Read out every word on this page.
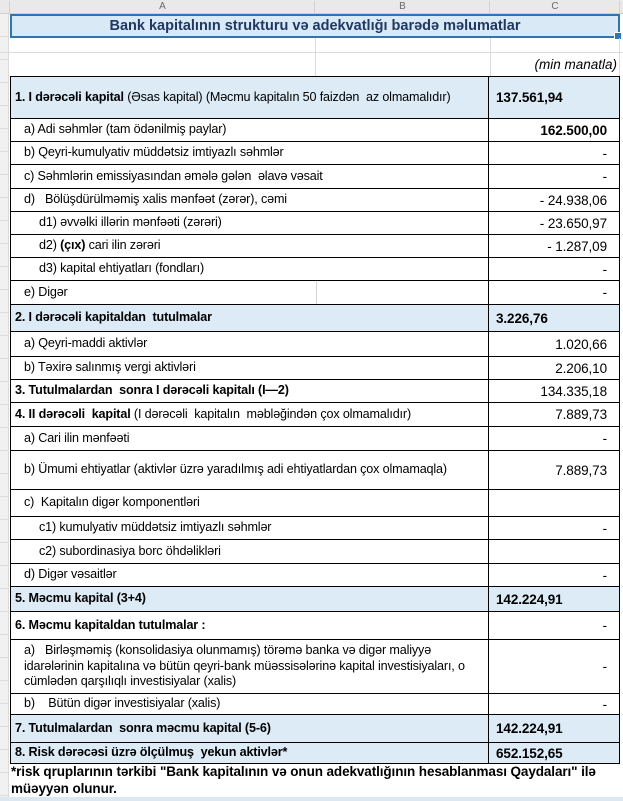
A	B	C
Bank kapitalının strukturu və adekvatlığı barədə məlumatlar
(min manatla)
1. I dərəcəli kapital (Əsas kapital) (Məcmu kapitalın 50 faizdən  az olmamalıdır)	137.561,94
a) Adi səhmlər (tam ödənilmiş paylar)	162.500,00
b) Qeyri-kumulyativ müddətsiz imtiyazlı səhmlər	-
c) Səhmlərin emissiyasından əmələ gələn  əlavə vəsait	-
d)   Bölüşdürülməmiş xalis mənfəət (zərər), cəmi	- 24.938,06
d1) əvvəlki illərin mənfəəti (zərəri)	- 23.650,97
d2) (çıx) cari ilin zərəri	- 1.287,09
d3) kapital ehtiyatları (fondları)	-
e) Digər	-
2. I dərəcəli kapitaldan  tutulmalar	3.226,76
a) Qeyri-maddi aktivlər	1.020,66
b) Təxirə salınmış vergi aktivləri	2.206,10
3. Tutulmalardan  sonra I dərəcəli kapitalı (I—2)	134.335,18
4. II dərəcəli  kapital (I dərəcəli  kapitalın  məbləğindən çox olmamalıdır)	7.889,73
a) Cari ilin mənfəəti	-
b) Ümumi ehtiyatlar (aktivlər üzrə yaradılmış adi ehtiyatlardan çox olmamaqla)	7.889,73
c)  Kapitalın digər komponentləri
c1) kumulyativ müddətsiz imtiyazlı səhmlər	-
c2) subordinasiya borc öhdəlikləri
d) Digər vəsaitlər	-
5. Məcmu kapital (3+4)	142.224,91
6. Məcmu kapitaldan tutulmalar :	-
a)   Birləşməmiş (konsolidasiya olunmamış) törəmə banka və digər maliyyə idarələrinin kapitalına və bütün qeyri-bank müəssisələrinə kapital investisiyaları, o cümlədən qarşılıqlı investisiyalar (xalis)
-
b)    Bütün digər investisiyalar (xalis)	-
7. Tutulmalardan  sonra məcmu kapital (5-6)	142.224,91
8. Risk dərəcəsi üzrə ölçülmuş  yekun aktivlər*	652.152,65
*risk qruplarının tərkibi "Bank kapitalının və onun adekvatlığının hesablanması Qaydaları" ilə müəyyən olunur.
